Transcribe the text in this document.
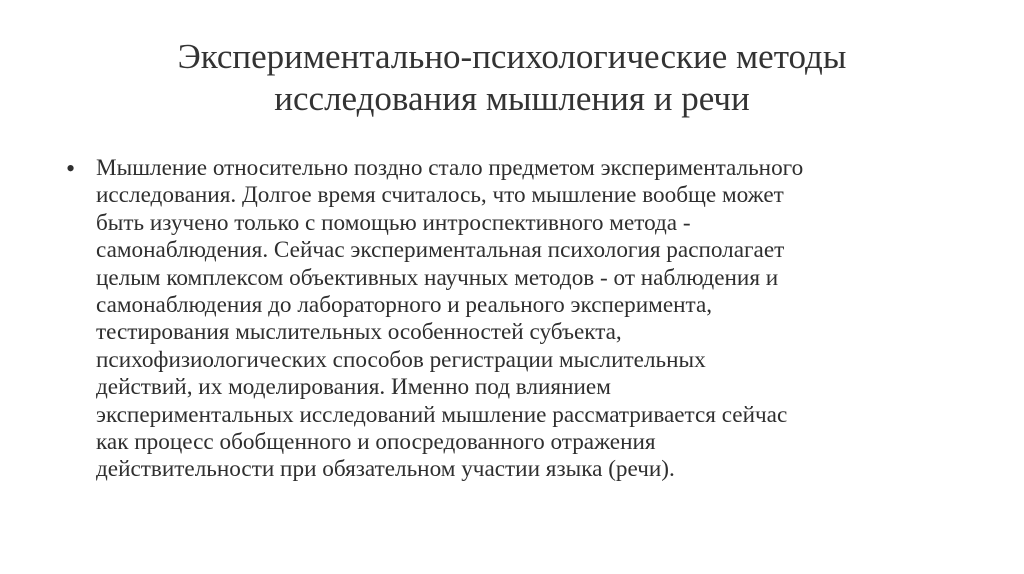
Экспериментально-психологические методы
исследования мышления и речи
• Мышление относительно поздно стало предметом экспериментального
исследования. Долгое время считалось, что мышление вообще может
быть изучено только с помощью интроспективного метода -
самонаблюдения. Сейчас экспериментальная психология располагает
целым комплексом объективных научных методов - от наблюдения и
самонаблюдения до лабораторного и реального эксперимента,
тестирования мыслительных особенностей субъекта,
психофизиологических способов регистрации мыслительных
действий, их моделирования. Именно под влиянием
экспериментальных исследований мышление рассматривается сейчас
как процесс обобщенного и опосредованного отражения
действительности при обязательном участии языка (речи).
